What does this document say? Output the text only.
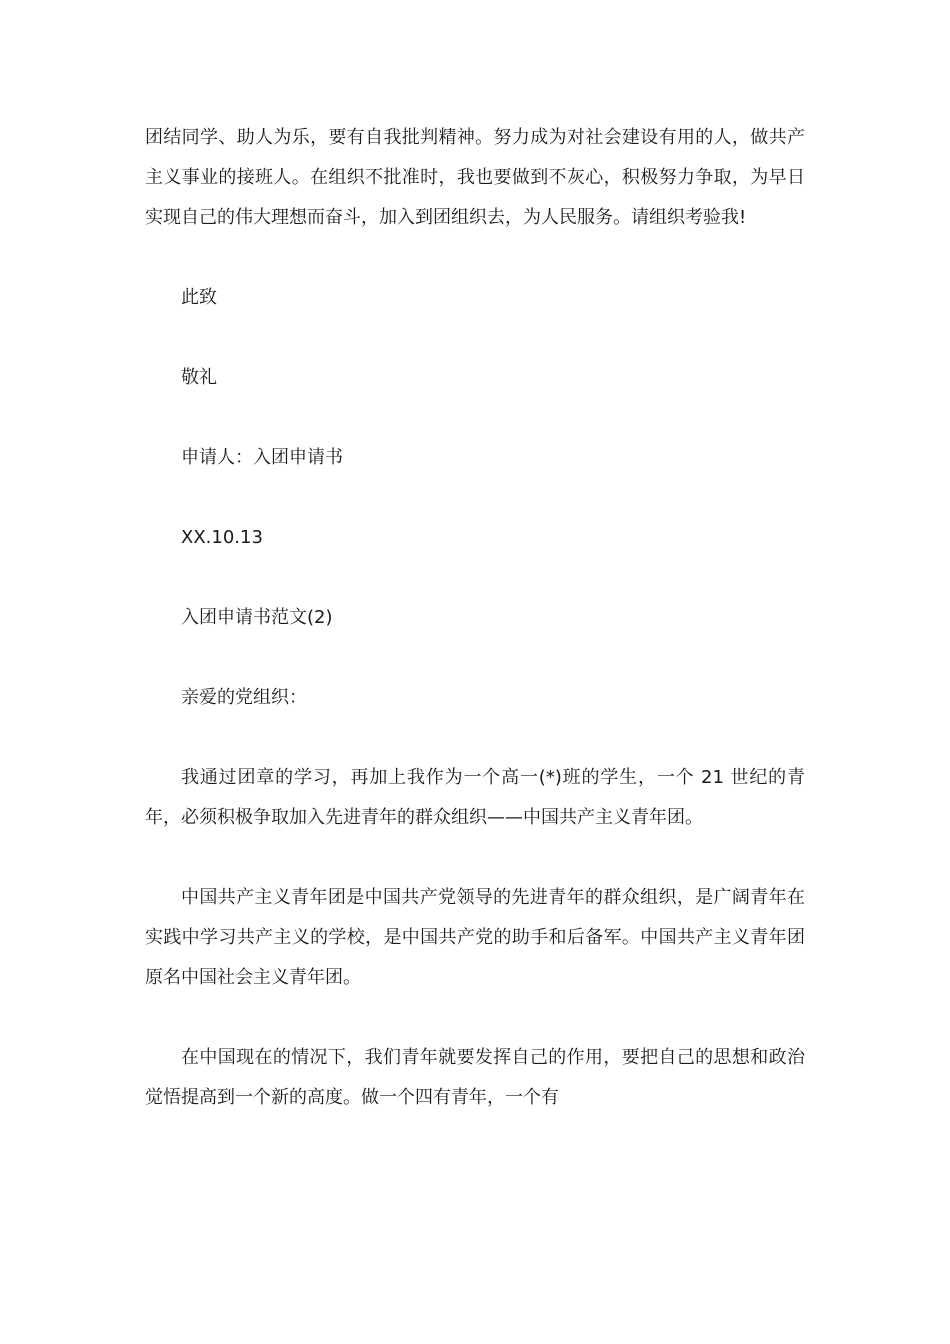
团结同学、助人为乐，要有自我批判精神。努力成为对社会建设有用的人，做共产主义事业的接班人。在组织不批准时，我也要做到不灰心，积极努力争取，为早日实现自己的伟大理想而奋斗，加入到团组织去，为人民服务。请组织考验我!

此致

敬礼

申请人：入团申请书

XX.10.13

入团申请书范文(2)

亲爱的党组织：

我通过团章的学习，再加上我作为一个高一(*)班的学生，一个 21 世纪的青年，必须积极争取加入先进青年的群众组织——中国共产主义青年团。

中国共产主义青年团是中国共产党领导的先进青年的群众组织，是广阔青年在实践中学习共产主义的学校，是中国共产党的助手和后备军。中国共产主义青年团原名中国社会主义青年团。

在中国现在的情况下，我们青年就要发挥自己的作用，要把自己的思想和政治觉悟提高到一个新的高度。做一个四有青年，一个有
